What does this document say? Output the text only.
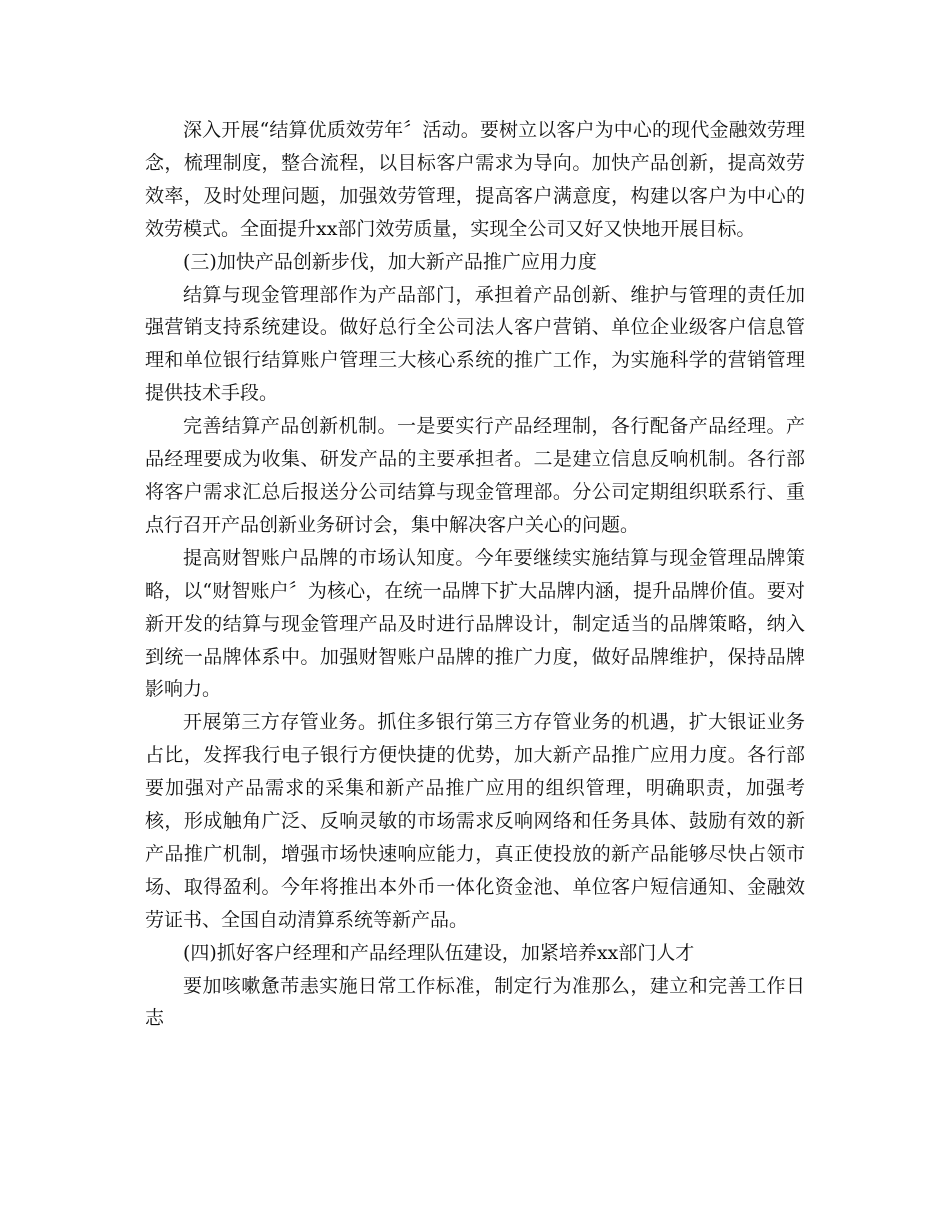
深入开展“结算优质效劳年〞活动。要树立以客户为中心的现代金融效劳理念，梳理制度，整合流程，以目标客户需求为导向。加快产品创新，提高效劳效率，及时处理问题，加强效劳管理，提高客户满意度，构建以客户为中心的效劳模式。全面提升xx部门效劳质量，实现全公司又好又快地开展目标。

(三)加快产品创新步伐，加大新产品推广应用力度

结算与现金管理部作为产品部门，承担着产品创新、维护与管理的责任加强营销支持系统建设。做好总行全公司法人客户营销、单位企业级客户信息管理和单位银行结算账户管理三大核心系统的推广工作，为实施科学的营销管理提供技术手段。

完善结算产品创新机制。一是要实行产品经理制，各行配备产品经理。产品经理要成为收集、研发产品的主要承担者。二是建立信息反响机制。各行部将客户需求汇总后报送分公司结算与现金管理部。分公司定期组织联系行、重点行召开产品创新业务研讨会，集中解决客户关心的问题。

提高财智账户品牌的市场认知度。今年要继续实施结算与现金管理品牌策略，以“财智账户〞为核心，在统一品牌下扩大品牌内涵，提升品牌价值。要对新开发的结算与现金管理产品及时进行品牌设计，制定适当的品牌策略，纳入到统一品牌体系中。加强财智账户品牌的推广力度，做好品牌维护，保持品牌影响力。

开展第三方存管业务。抓住多银行第三方存管业务的机遇，扩大银证业务占比，发挥我行电子银行方便快捷的优势，加大新产品推广应用力度。各行部要加强对产品需求的采集和新产品推广应用的组织管理，明确职责，加强考核，形成触角广泛、反响灵敏的市场需求反响网络和任务具体、鼓励有效的新产品推广机制，增强市场快速响应能力，真正使投放的新产品能够尽快占领市场、取得盈利。今年将推出本外币一体化资金池、单位客户短信通知、金融效劳证书、全国自动清算系统等新产品。

(四)抓好客户经理和产品经理队伍建设，加紧培养xx部门人才

要加咳嗽惫芾恚实施日常工作标准，制定行为准那么，建立和完善工作日志
